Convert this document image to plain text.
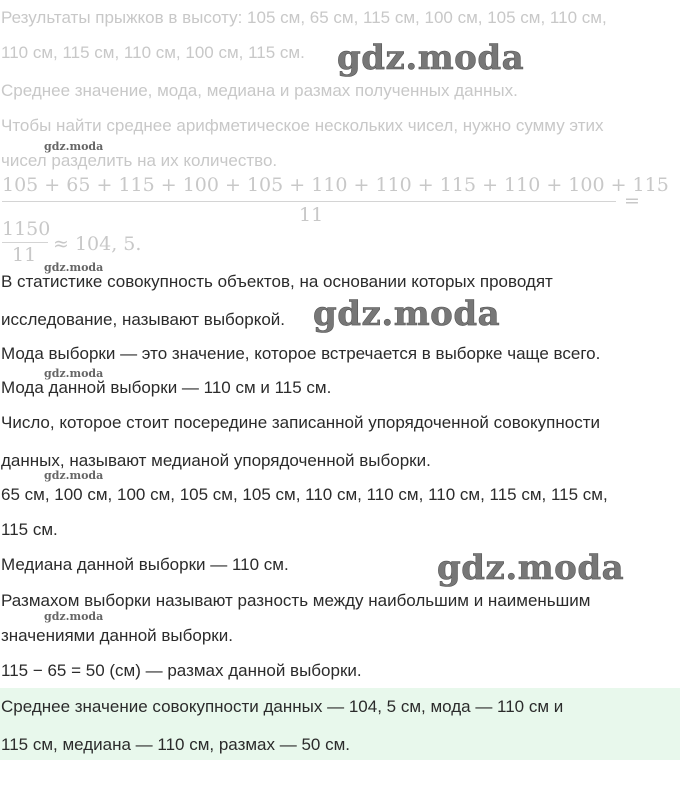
Результаты прыжков в высоту: 105 см, 65 см, 115 см, 100 см, 105 см, 110 см,
110 см, 115 см, 110 см, 100 см, 115 см.
Среднее значение, мода, медиана и размах полученных данных.
Чтобы найти среднее арифметическое нескольких чисел, нужно сумму этих
чисел разделить на их количество.
105 + 65 + 115 + 100 + 105 + 110 + 110 + 115 + 110 + 100 + 115
11
=
1150
11 ≈ 104, 5.
В статистике совокупность объектов, на основании которых проводят
исследование, называют выборкой.
Мода выборки — это значение, которое встречается в выборке чаще всего.
Мода данной выборки — 110 см и 115 см.
Число, которое стоит посередине записанной упорядоченной совокупности
данных, называют медианой упорядоченной выборки.
65 см, 100 см, 100 см, 105 см, 105 см, 110 см, 110 см, 110 см, 115 см, 115 см,
115 см.
Медиана данной выборки — 110 см.
Размахом выборки называют разность между наибольшим и наименьшим
значениями данной выборки.
115 − 65 = 50 (см) — размах данной выборки.
Среднее значение совокупности данных — 104, 5 см, мода — 110 см и
115 см, медиана — 110 см, размах — 50 см.
gdz.moda
gdz.moda
gdz.moda
gdz.moda
gdz.moda
gdz.moda
gdz.moda
gdz.moda
